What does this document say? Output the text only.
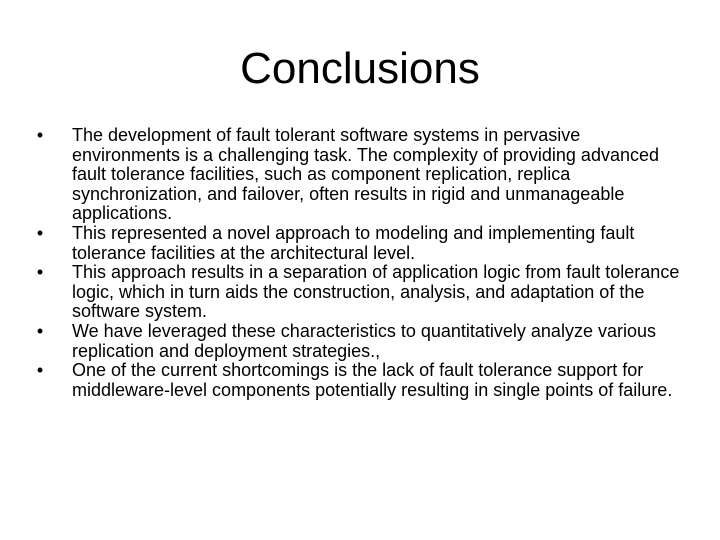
Conclusions
•	The development of fault tolerant software systems in pervasive environments is a challenging task. The complexity of providing advanced fault tolerance facilities, such as component replication, replica synchronization, and failover, often results in rigid and unmanageable applications.
•	This represented a novel approach to modeling and implementing fault tolerance facilities at the architectural level.
•	This approach results in a separation of application logic from fault tolerance logic, which in turn aids the construction, analysis, and adaptation of the software system.
•	We have leveraged these characteristics to quantitatively analyze various replication and deployment strategies.,
•	One of the current shortcomings is the lack of fault tolerance support for middleware-level components potentially resulting in single points of failure.
